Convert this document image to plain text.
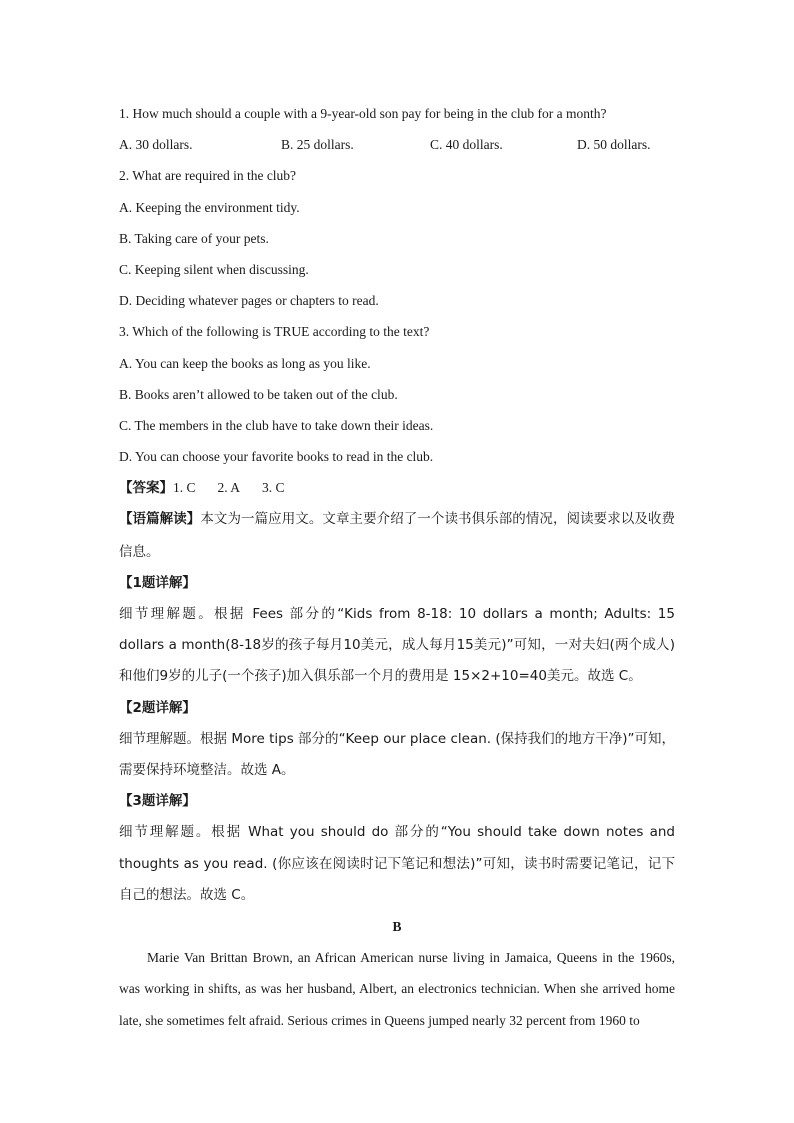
1. How much should a couple with a 9-year-old son pay for being in the club for a month?
A. 30 dollars.	B. 25 dollars.	C. 40 dollars.	D. 50 dollars.
2. What are required in the club?
A. Keeping the environment tidy.
B. Taking care of your pets.
C. Keeping silent when discussing.
D. Deciding whatever pages or chapters to read.
3. Which of the following is TRUE according to the text?
A. You can keep the books as long as you like.
B. Books aren’t allowed to be taken out of the club.
C. The members in the club have to take down their ideas.
D. You can choose your favorite books to read in the club.
【答案】1. C 2. A 3. C
【语篇解读】本文为一篇应用文。文章主要介绍了一个读书俱乐部的情况，阅读要求以及收费信息。
【1题详解】
细节理解题。根据 Fees 部分的“Kids from 8-18: 10 dollars a month; Adults: 15 dollars a month(8-18岁的孩子每月10美元，成人每月15美元)”可知，一对夫妇(两个成人)和他们9岁的儿子(一个孩子)加入俱乐部一个月的费用是 15×2+10=40美元。故选 C。
【2题详解】
细节理解题。根据 More tips 部分的“Keep our place clean. (保持我们的地方干净)”可知，需要保持环境整洁。故选 A。
【3题详解】
细节理解题。根据 What you should do 部分的“You should take down notes and thoughts as you read. (你应该在阅读时记下笔记和想法)”可知，读书时需要记笔记，记下自己的想法。故选 C。
B
Marie Van Brittan Brown, an African American nurse living in Jamaica, Queens in the 1960s, was working in shifts, as was her husband, Albert, an electronics technician. When she arrived home late, she sometimes felt afraid. Serious crimes in Queens jumped nearly 32 percent from 1960 to
